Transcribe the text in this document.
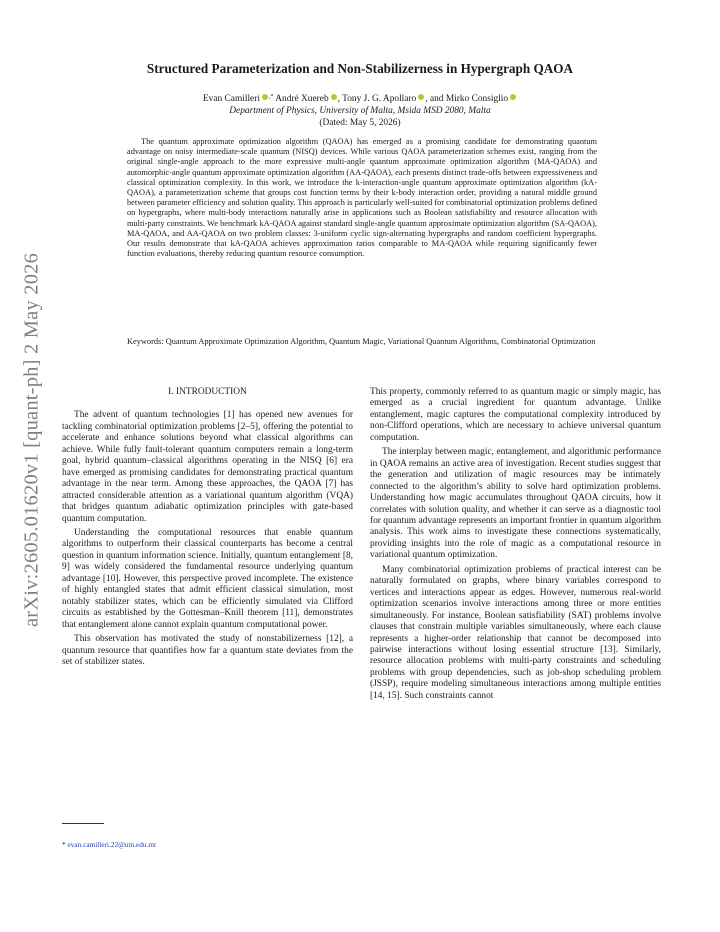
arXiv:2605.01620v1 [quant-ph] 2 May 2026
Structured Parameterization and Non-Stabilizerness in Hypergraph QAOA
Evan Camilleri ,* André Xuereb , Tony J. G. Apollaro , and Mirko Consiglio
Department of Physics, University of Malta, Msida MSD 2080, Malta
(Dated: May 5, 2026)
The quantum approximate optimization algorithm (QAOA) has emerged as a promising candidate for demonstrating quantum advantage on noisy intermediate-scale quantum (NISQ) devices. While various QAOA parameterization schemes exist, ranging from the original single-angle approach to the more expressive multi-angle quantum approximate optimization algorithm (MA-QAOA) and automorphic-angle quantum approximate optimization algorithm (AA-QAOA), each presents distinct trade-offs between expressiveness and classical optimization complexity. In this work, we introduce the k-interaction-angle quantum approximate optimization algorithm (kA-QAOA), a parameterization scheme that groups cost function terms by their k-body interaction order, providing a natural middle ground between parameter efficiency and solution quality. This approach is particularly well-suited for combinatorial optimization problems defined on hypergraphs, where multi-body interactions naturally arise in applications such as Boolean satisfiability and resource allocation with multi-party constraints. We benchmark kA-QAOA against standard single-angle quantum approximate optimization algorithm (SA-QAOA), MA-QAOA, and AA-QAOA on two problem classes: 3-uniform cyclic sign-alternating hypergraphs and random coefficient hypergraphs. Our results demonstrate that kA-QAOA achieves approximation ratios comparable to MA-QAOA while requiring significantly fewer function evaluations, thereby reducing quantum resource consumption.
Keywords: Quantum Approximate Optimization Algorithm, Quantum Magic, Variational Quantum Algorithms, Combinatorial Optimization
I. INTRODUCTION

The advent of quantum technologies [1] has opened new avenues for tackling combinatorial optimization problems [2–5], offering the potential to accelerate and enhance solutions beyond what classical algorithms can achieve. While fully fault-tolerant quantum computers remain a long-term goal, hybrid quantum–classical algorithms operating in the NISQ [6] era have emerged as promising candidates for demonstrating practical quantum advantage in the near term. Among these approaches, the QAOA [7] has attracted considerable attention as a variational quantum algorithm (VQA) that bridges quantum adiabatic optimization principles with gate-based quantum computation.

Understanding the computational resources that enable quantum algorithms to outperform their classical counterparts has become a central question in quantum information science. Initially, quantum entanglement [8, 9] was widely considered the fundamental resource underlying quantum advantage [10]. However, this perspective proved incomplete. The existence of highly entangled states that admit efficient classical simulation, most notably stabilizer states, which can be efficiently simulated via Clifford circuits as established by the Gottesman–Knill theorem [11], demonstrates that entanglement alone cannot explain quantum computational power.

This observation has motivated the study of nonstabilizerness [12], a quantum resource that quantifies how far a quantum state deviates from the set of stabilizer states.

This property, commonly referred to as quantum magic or simply magic, has emerged as a crucial ingredient for quantum advantage. Unlike entanglement, magic captures the computational complexity introduced by non-Clifford operations, which are necessary to achieve universal quantum computation.

The interplay between magic, entanglement, and algorithmic performance in QAOA remains an active area of investigation. Recent studies suggest that the generation and utilization of magic resources may be intimately connected to the algorithm’s ability to solve hard optimization problems. Understanding how magic accumulates throughout QAOA circuits, how it correlates with solution quality, and whether it can serve as a diagnostic tool for quantum advantage represents an important frontier in quantum algorithm analysis. This work aims to investigate these connections systematically, providing insights into the role of magic as a computational resource in variational quantum optimization.

Many combinatorial optimization problems of practical interest can be naturally formulated on graphs, where binary variables correspond to vertices and interactions appear as edges. However, numerous real-world optimization scenarios involve interactions among three or more entities simultaneously. For instance, Boolean satisfiability (SAT) problems involve clauses that constrain multiple variables simultaneously, where each clause represents a higher-order relationship that cannot be decomposed into pairwise interactions without losing essential structure [13]. Similarly, resource allocation problems with multi-party constraints and scheduling problems with group dependencies, such as job-shop scheduling problem (JSSP), require modeling simultaneous interactions among multiple entities [14, 15]. Such constraints cannot

* evan.camilleri.22@um.edu.mt
